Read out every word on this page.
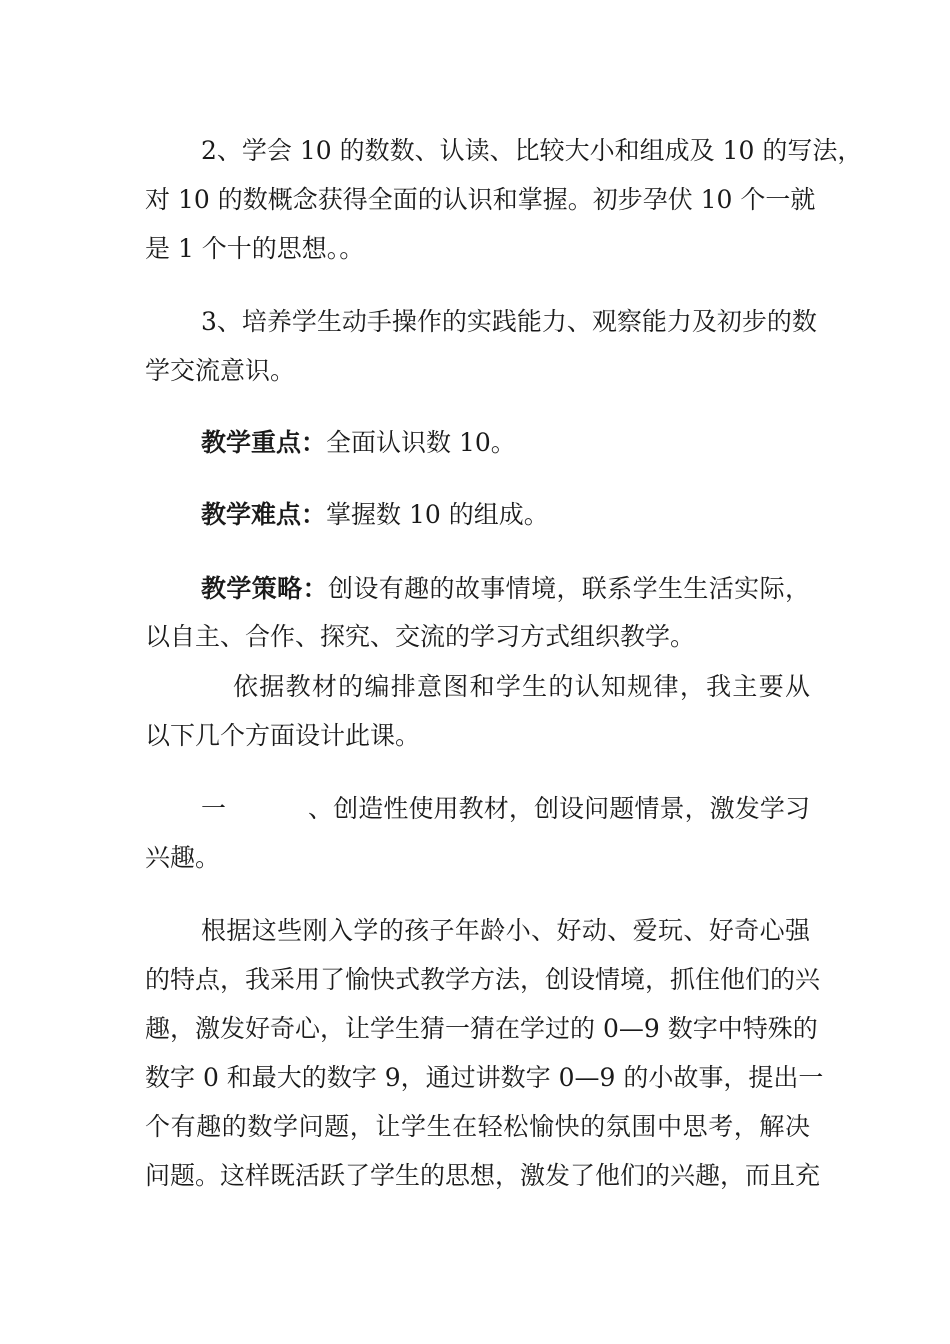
2、学会 10 的数数、认读、比较大小和组成及 10 的写法，
对 10 的数概念获得全面的认识和掌握。初步孕伏 10 个一就
是 1 个十的思想。。
3、培养学生动手操作的实践能力、观察能力及初步的数
学交流意识。
教学重点：全面认识数 10。
教学难点：掌握数 10 的组成。
教学策略：创设有趣的故事情境，联系学生生活实际，
以自主、合作、探究、交流的学习方式组织教学。
依据教材的编排意图和学生的认知规律，我主要从
以下几个方面设计此课。
一、创造性使用教材，创设问题情景，激发学习
兴趣。
根据这些刚入学的孩子年龄小、好动、爱玩、好奇心强
的特点，我采用了愉快式教学方法，创设情境，抓住他们的兴
趣，激发好奇心，让学生猜一猜在学过的 0—9 数字中特殊的
数字 0 和最大的数字 9，通过讲数字 0—9 的小故事，提出一
个有趣的数学问题，让学生在轻松愉快的氛围中思考，解决
问题。这样既活跃了学生的思想，激发了他们的兴趣，而且充
